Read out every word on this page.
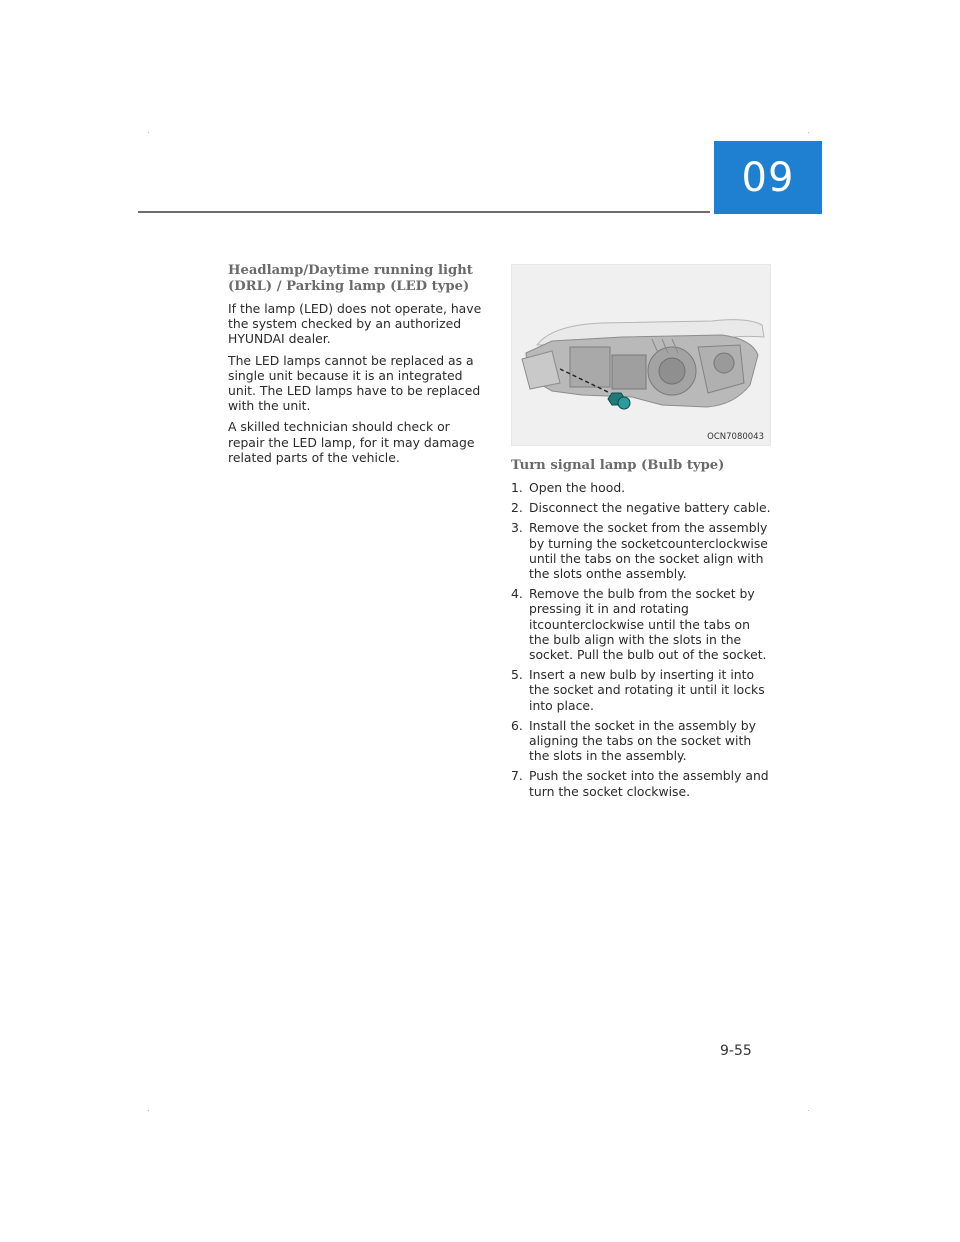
09
Headlamp/Daytime running light (DRL) / Parking lamp (LED type)

If the lamp (LED) does not operate, have the system checked by an authorized HYUNDAI dealer.

The LED lamps cannot be replaced as a single unit because it is an integrated unit. The LED lamps have to be replaced with the unit.

A skilled technician should check or repair the LED lamp, for it may damage related parts of the vehicle.

OCN7080043
Turn signal lamp (Bulb type)
1. Open the hood.
2. Disconnect the negative battery cable.
3. Remove the socket from the assembly by turning the socketcounterclockwise until the tabs on the socket align with the slots onthe assembly.
4. Remove the bulb from the socket by pressing it in and rotating itcounterclockwise until the tabs on the bulb align with the slots in the socket. Pull the bulb out of the socket.
5. Insert a new bulb by inserting it into the socket and rotating it until it locks into place.
6. Install the socket in the assembly by aligning the tabs on the socket with the slots in the assembly.
7. Push the socket into the assembly and turn the socket clockwise.
9-55
